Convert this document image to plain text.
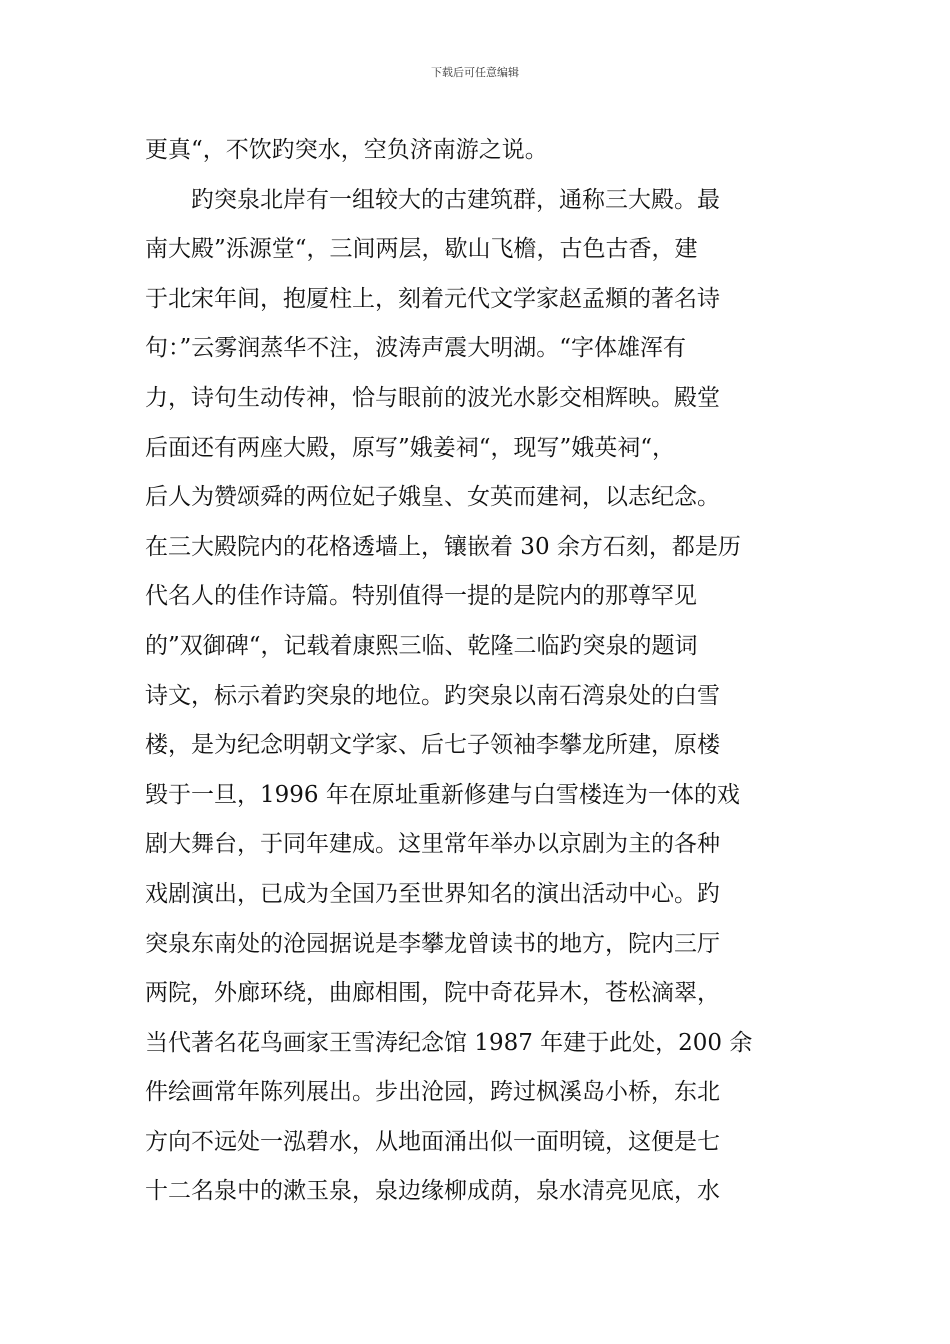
下载后可任意编辑
更真“，不饮趵突水，空负济南游之说。
趵突泉北岸有一组较大的古建筑群，通称三大殿。最
南大殿”泺源堂“，三间两层，歇山飞檐，古色古香，建
于北宋年间，抱厦柱上，刻着元代文学家赵孟頫的著名诗
句：”云雾润蒸华不注，波涛声震大明湖。“字体雄浑有
力，诗句生动传神，恰与眼前的波光水影交相辉映。殿堂
后面还有两座大殿，原写”娥姜祠“，现写”娥英祠“，
后人为赞颂舜的两位妃子娥皇、女英而建祠，以志纪念。
在三大殿院内的花格透墙上，镶嵌着 30 余方石刻，都是历
代名人的佳作诗篇。特别值得一提的是院内的那尊罕见
的”双御碑“，记载着康熙三临、乾隆二临趵突泉的题词
诗文，标示着趵突泉的地位。趵突泉以南石湾泉处的白雪
楼，是为纪念明朝文学家、后七子领袖李攀龙所建，原楼
毁于一旦，1996 年在原址重新修建与白雪楼连为一体的戏
剧大舞台，于同年建成。这里常年举办以京剧为主的各种
戏剧演出，已成为全国乃至世界知名的演出活动中心。趵
突泉东南处的沧园据说是李攀龙曾读书的地方，院内三厅
两院，外廊环绕，曲廊相围，院中奇花异木，苍松滴翠，
当代著名花鸟画家王雪涛纪念馆 1987 年建于此处，200 余
件绘画常年陈列展出。步出沧园，跨过枫溪岛小桥，东北
方向不远处一泓碧水，从地面涌出似一面明镜，这便是七
十二名泉中的漱玉泉，泉边缘柳成荫，泉水清亮见底，水
